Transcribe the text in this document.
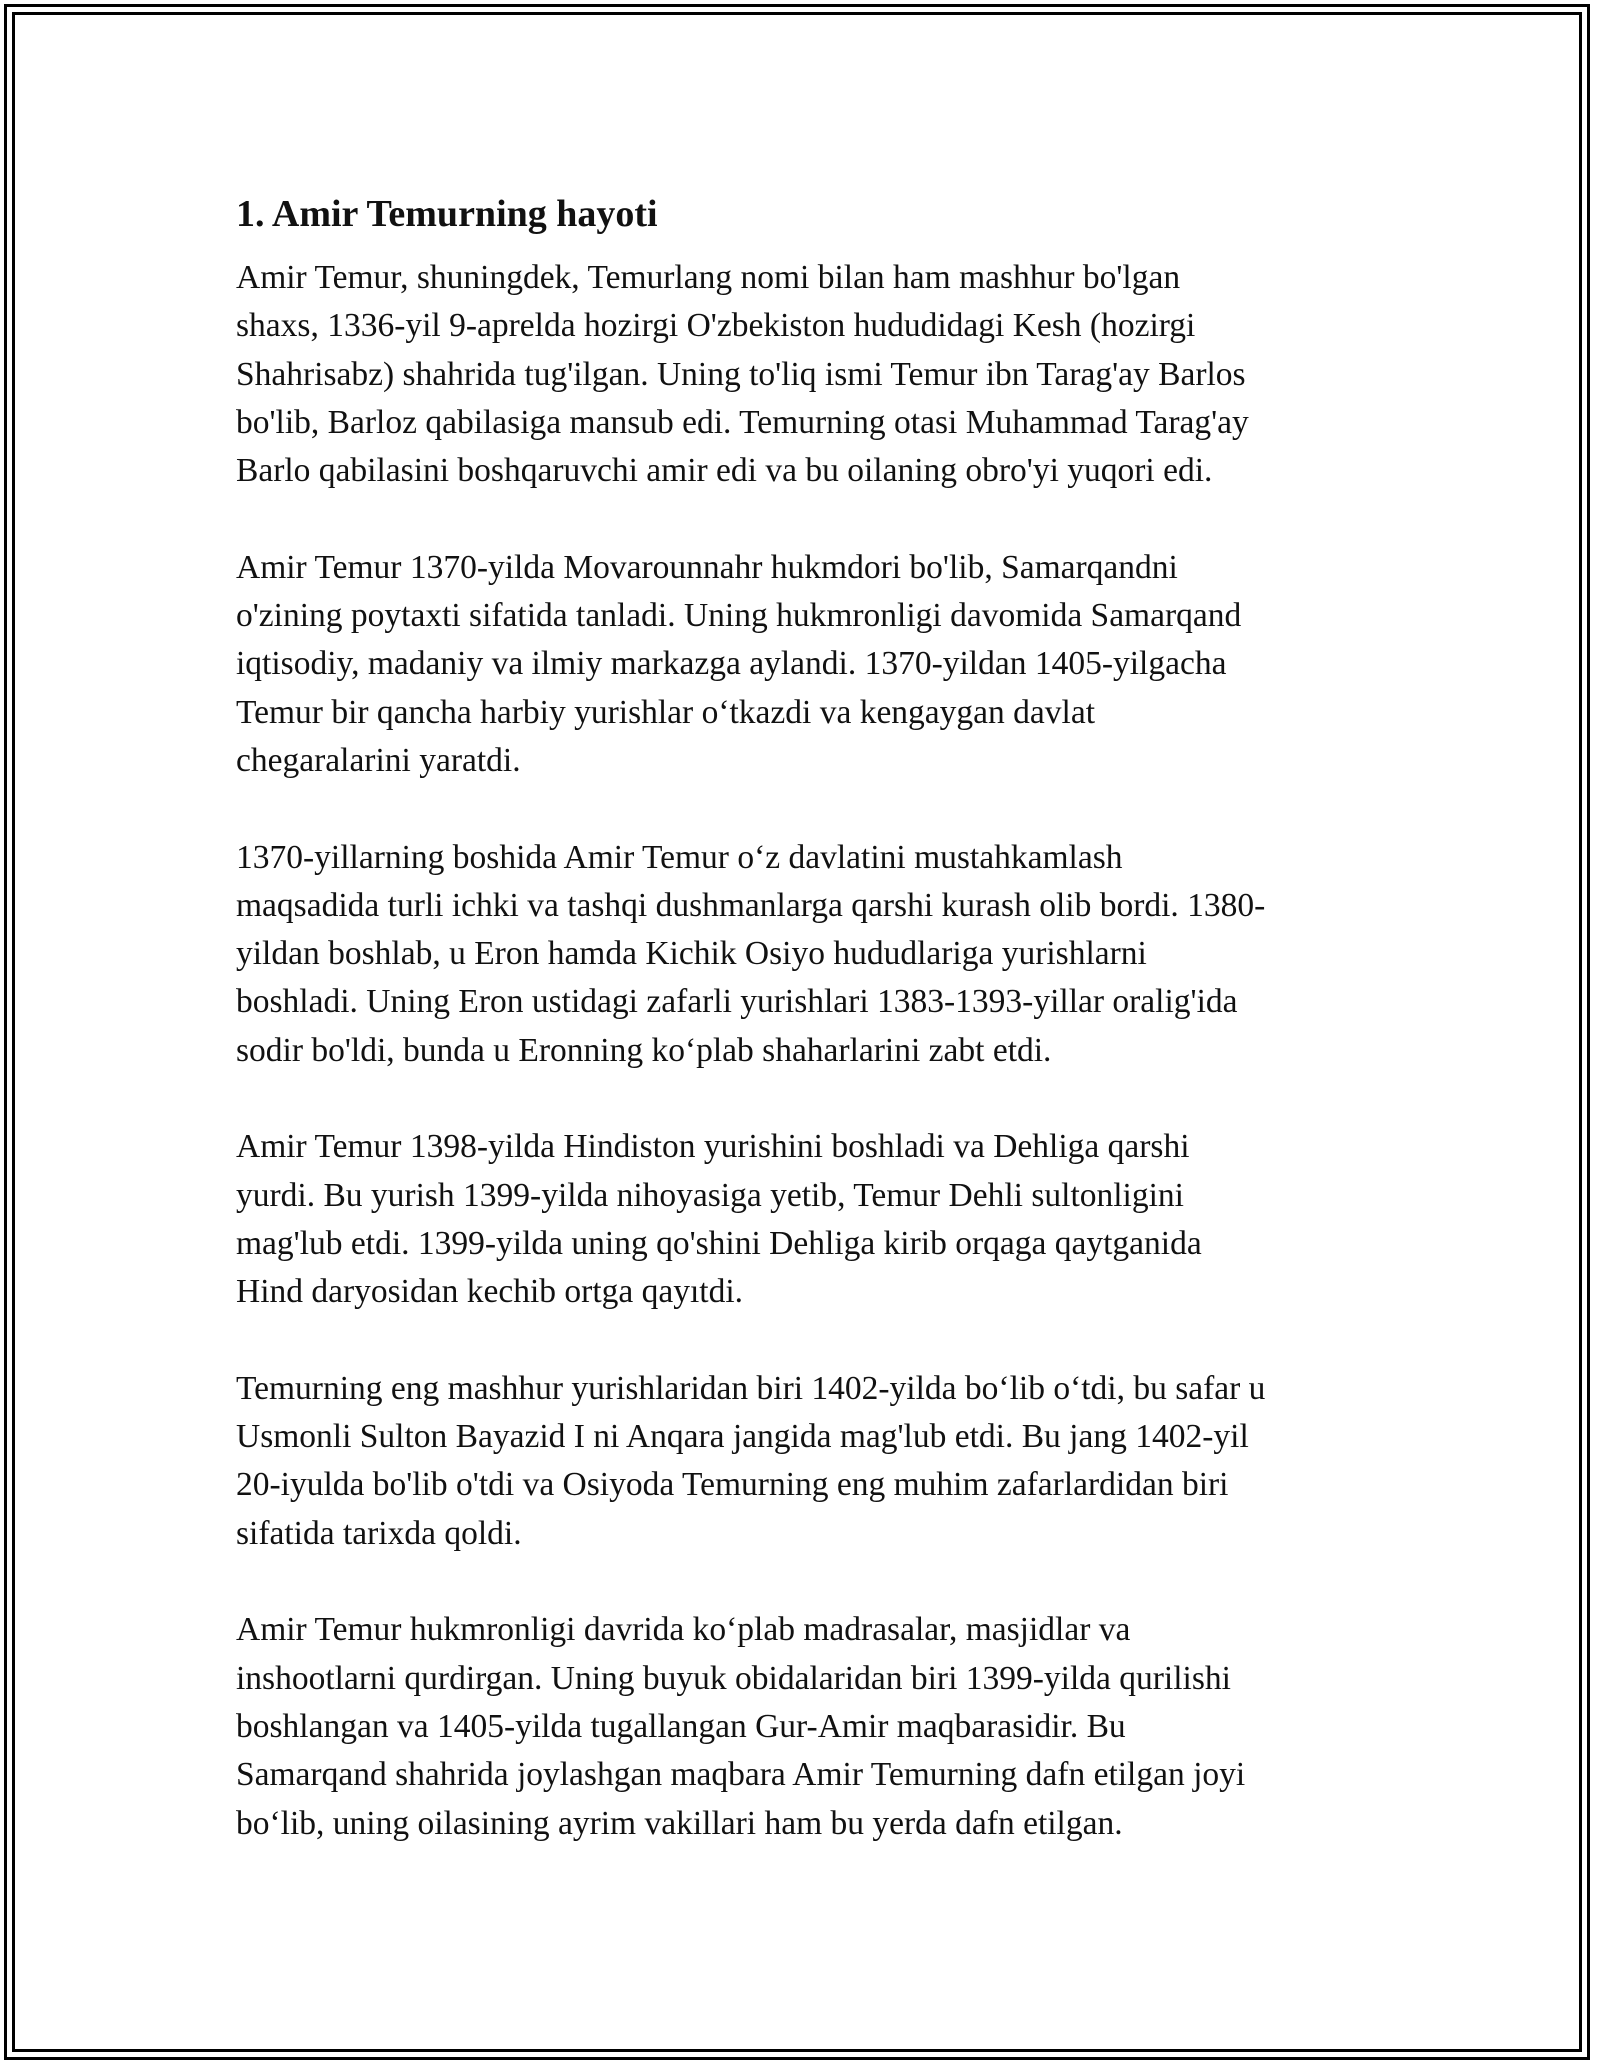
1. Amir Temurning hayoti

Amir Temur, shuningdek, Temurlang nomi bilan ham mashhur bo'lgan
shaxs, 1336-yil 9-aprelda hozirgi O'zbekiston hududidagi Kesh (hozirgi
Shahrisabz) shahrida tug'ilgan. Uning to'liq ismi Temur ibn Tarag'ay Barlos
bo'lib, Barloz qabilasiga mansub edi. Temurning otasi Muhammad Tarag'ay
Barlo qabilasini boshqaruvchi amir edi va bu oilaning obro'yi yuqori edi.

Amir Temur 1370-yilda Movarounnahr hukmdori bo'lib, Samarqandni
o'zining poytaxti sifatida tanladi. Uning hukmronligi davomida Samarqand
iqtisodiy, madaniy va ilmiy markazga aylandi. 1370-yildan 1405-yilgacha
Temur bir qancha harbiy yurishlar oʻtkazdi va kengaygan davlat
chegaralarini yaratdi.

1370-yillarning boshida Amir Temur oʻz davlatini mustahkamlash
maqsadida turli ichki va tashqi dushmanlarga qarshi kurash olib bordi. 1380-
yildan boshlab, u Eron hamda Kichik Osiyo hududlariga yurishlarni
boshladi. Uning Eron ustidagi zafarli yurishlari 1383-1393-yillar oralig'ida
sodir bo'ldi, bunda u Eronning koʻplab shaharlarini zabt etdi.

Amir Temur 1398-yilda Hindiston yurishini boshladi va Dehliga qarshi
yurdi. Bu yurish 1399-yilda nihoyasiga yetib, Temur Dehli sultonligini
mag'lub etdi. 1399-yilda uning qo'shini Dehliga kirib orqaga qaytganida
Hind daryosidan kechib ortga qayıtdi.

Temurning eng mashhur yurishlaridan biri 1402-yilda boʻlib oʻtdi, bu safar u
Usmonli Sulton Bayazid I ni Anqara jangida mag'lub etdi. Bu jang 1402-yil
20-iyulda bo'lib o'tdi va Osiyoda Temurning eng muhim zafarlardidan biri
sifatida tarixda qoldi.

Amir Temur hukmronligi davrida koʻplab madrasalar, masjidlar va
inshootlarni qurdirgan. Uning buyuk obidalaridan biri 1399-yilda qurilishi
boshlangan va 1405-yilda tugallangan Gur-Amir maqbarasidir. Bu
Samarqand shahrida joylashgan maqbara Amir Temurning dafn etilgan joyi
boʻlib, uning oilasining ayrim vakillari ham bu yerda dafn etilgan.
